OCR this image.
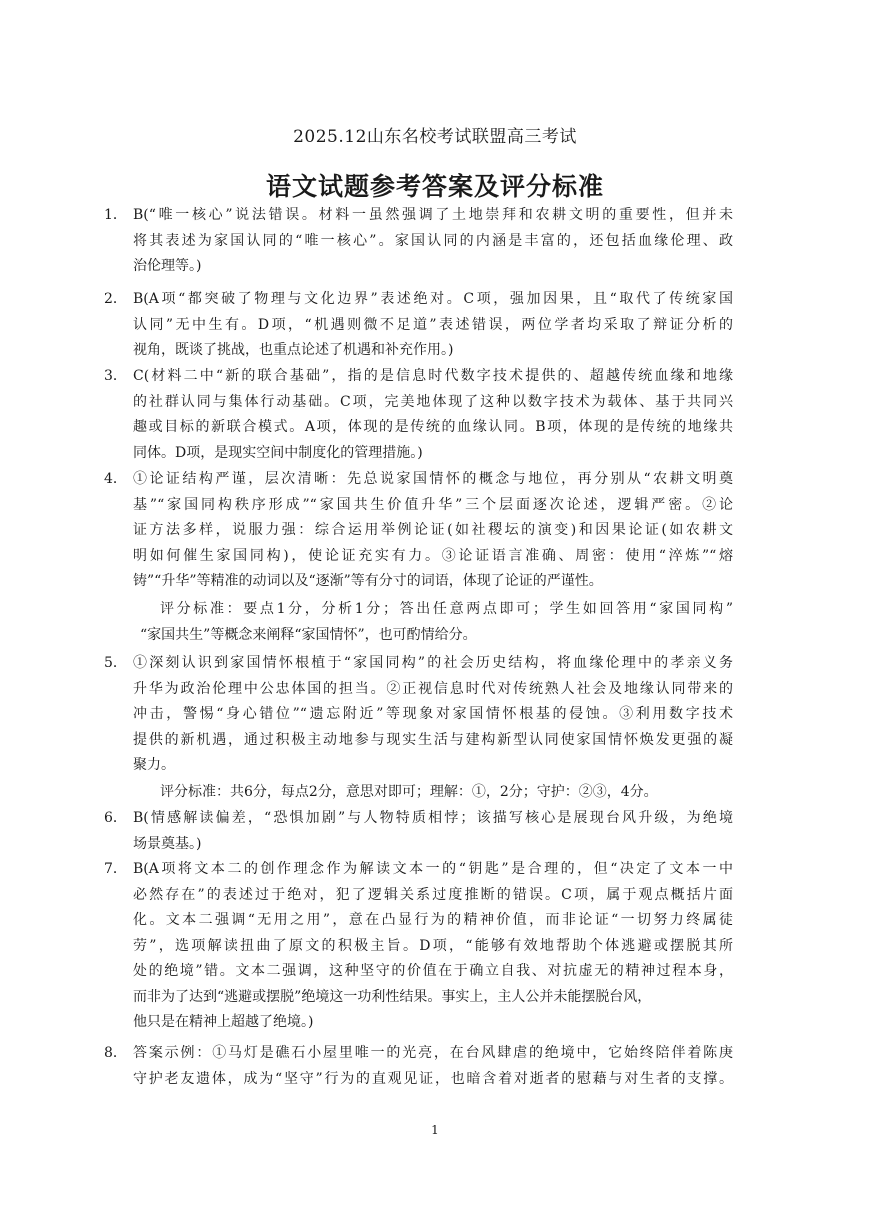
2025.12山东名校考试联盟高三考试
语文试题参考答案及评分标准
1． B(“唯一核心”说法错误。材料一虽然强调了土地崇拜和农耕文明的重要性，但并未
将其表述为家国认同的“唯一核心”。家国认同的内涵是丰富的，还包括血缘伦理、政
治伦理等。)
2． B(A项“都突破了物理与文化边界”表述绝对。C项，强加因果，且“取代了传统家国
认同”无中生有。D项，“机遇则微不足道”表述错误，两位学者均采取了辩证分析的
视角，既谈了挑战，也重点论述了机遇和补充作用。)
3． C(材料二中“新的联合基础”，指的是信息时代数字技术提供的、超越传统血缘和地缘
的社群认同与集体行动基础。C项，完美地体现了这种以数字技术为载体、基于共同兴
趣或目标的新联合模式。A项，体现的是传统的血缘认同。B项，体现的是传统的地缘共
同体。D项，是现实空间中制度化的管理措施。)
4． ①论证结构严谨，层次清晰：先总说家国情怀的概念与地位，再分别从“农耕文明奠
基”“家国同构秩序形成”“家国共生价值升华”三个层面逐次论述，逻辑严密。②论
证方法多样，说服力强：综合运用举例论证(如社稷坛的演变)和因果论证(如农耕文
明如何催生家国同构)，使论证充实有力。③论证语言准确、周密：使用“淬炼”“熔
铸”“升华”等精准的动词以及“逐渐”等有分寸的词语，体现了论证的严谨性。
评分标准：要点1分，分析1分；答出任意两点即可；学生如回答用“家国同构”
“家国共生”等概念来阐释“家国情怀”，也可酌情给分。
5． ①深刻认识到家国情怀根植于“家国同构”的社会历史结构，将血缘伦理中的孝亲义务
升华为政治伦理中公忠体国的担当。②正视信息时代对传统熟人社会及地缘认同带来的
冲击，警惕“身心错位”“遗忘附近”等现象对家国情怀根基的侵蚀。③利用数字技术
提供的新机遇，通过积极主动地参与现实生活与建构新型认同使家国情怀焕发更强的凝
聚力。
评分标准：共6分，每点2分，意思对即可；理解：①，2分；守护：②③，4分。
6． B(情感解读偏差，“恐惧加剧”与人物特质相悖；该描写核心是展现台风升级，为绝境
场景奠基。)
7． B(A项将文本二的创作理念作为解读文本一的“钥匙”是合理的，但“决定了文本一中
必然存在”的表述过于绝对，犯了逻辑关系过度推断的错误。C项，属于观点概括片面
化。文本二强调“无用之用”，意在凸显行为的精神价值，而非论证“一切努力终属徒
劳”，选项解读扭曲了原文的积极主旨。D项，“能够有效地帮助个体逃避或摆脱其所
处的绝境”错。文本二强调，这种坚守的价值在于确立自我、对抗虚无的精神过程本身，
而非为了达到“逃避或摆脱”绝境这一功利性结果。事实上，主人公并未能摆脱台风，
他只是在精神上超越了绝境。)
8． 答案示例：①马灯是礁石小屋里唯一的光亮，在台风肆虐的绝境中，它始终陪伴着陈庚
守护老友遗体，成为“坚守”行为的直观见证，也暗含着对逝者的慰藉与对生者的支撑。
1
